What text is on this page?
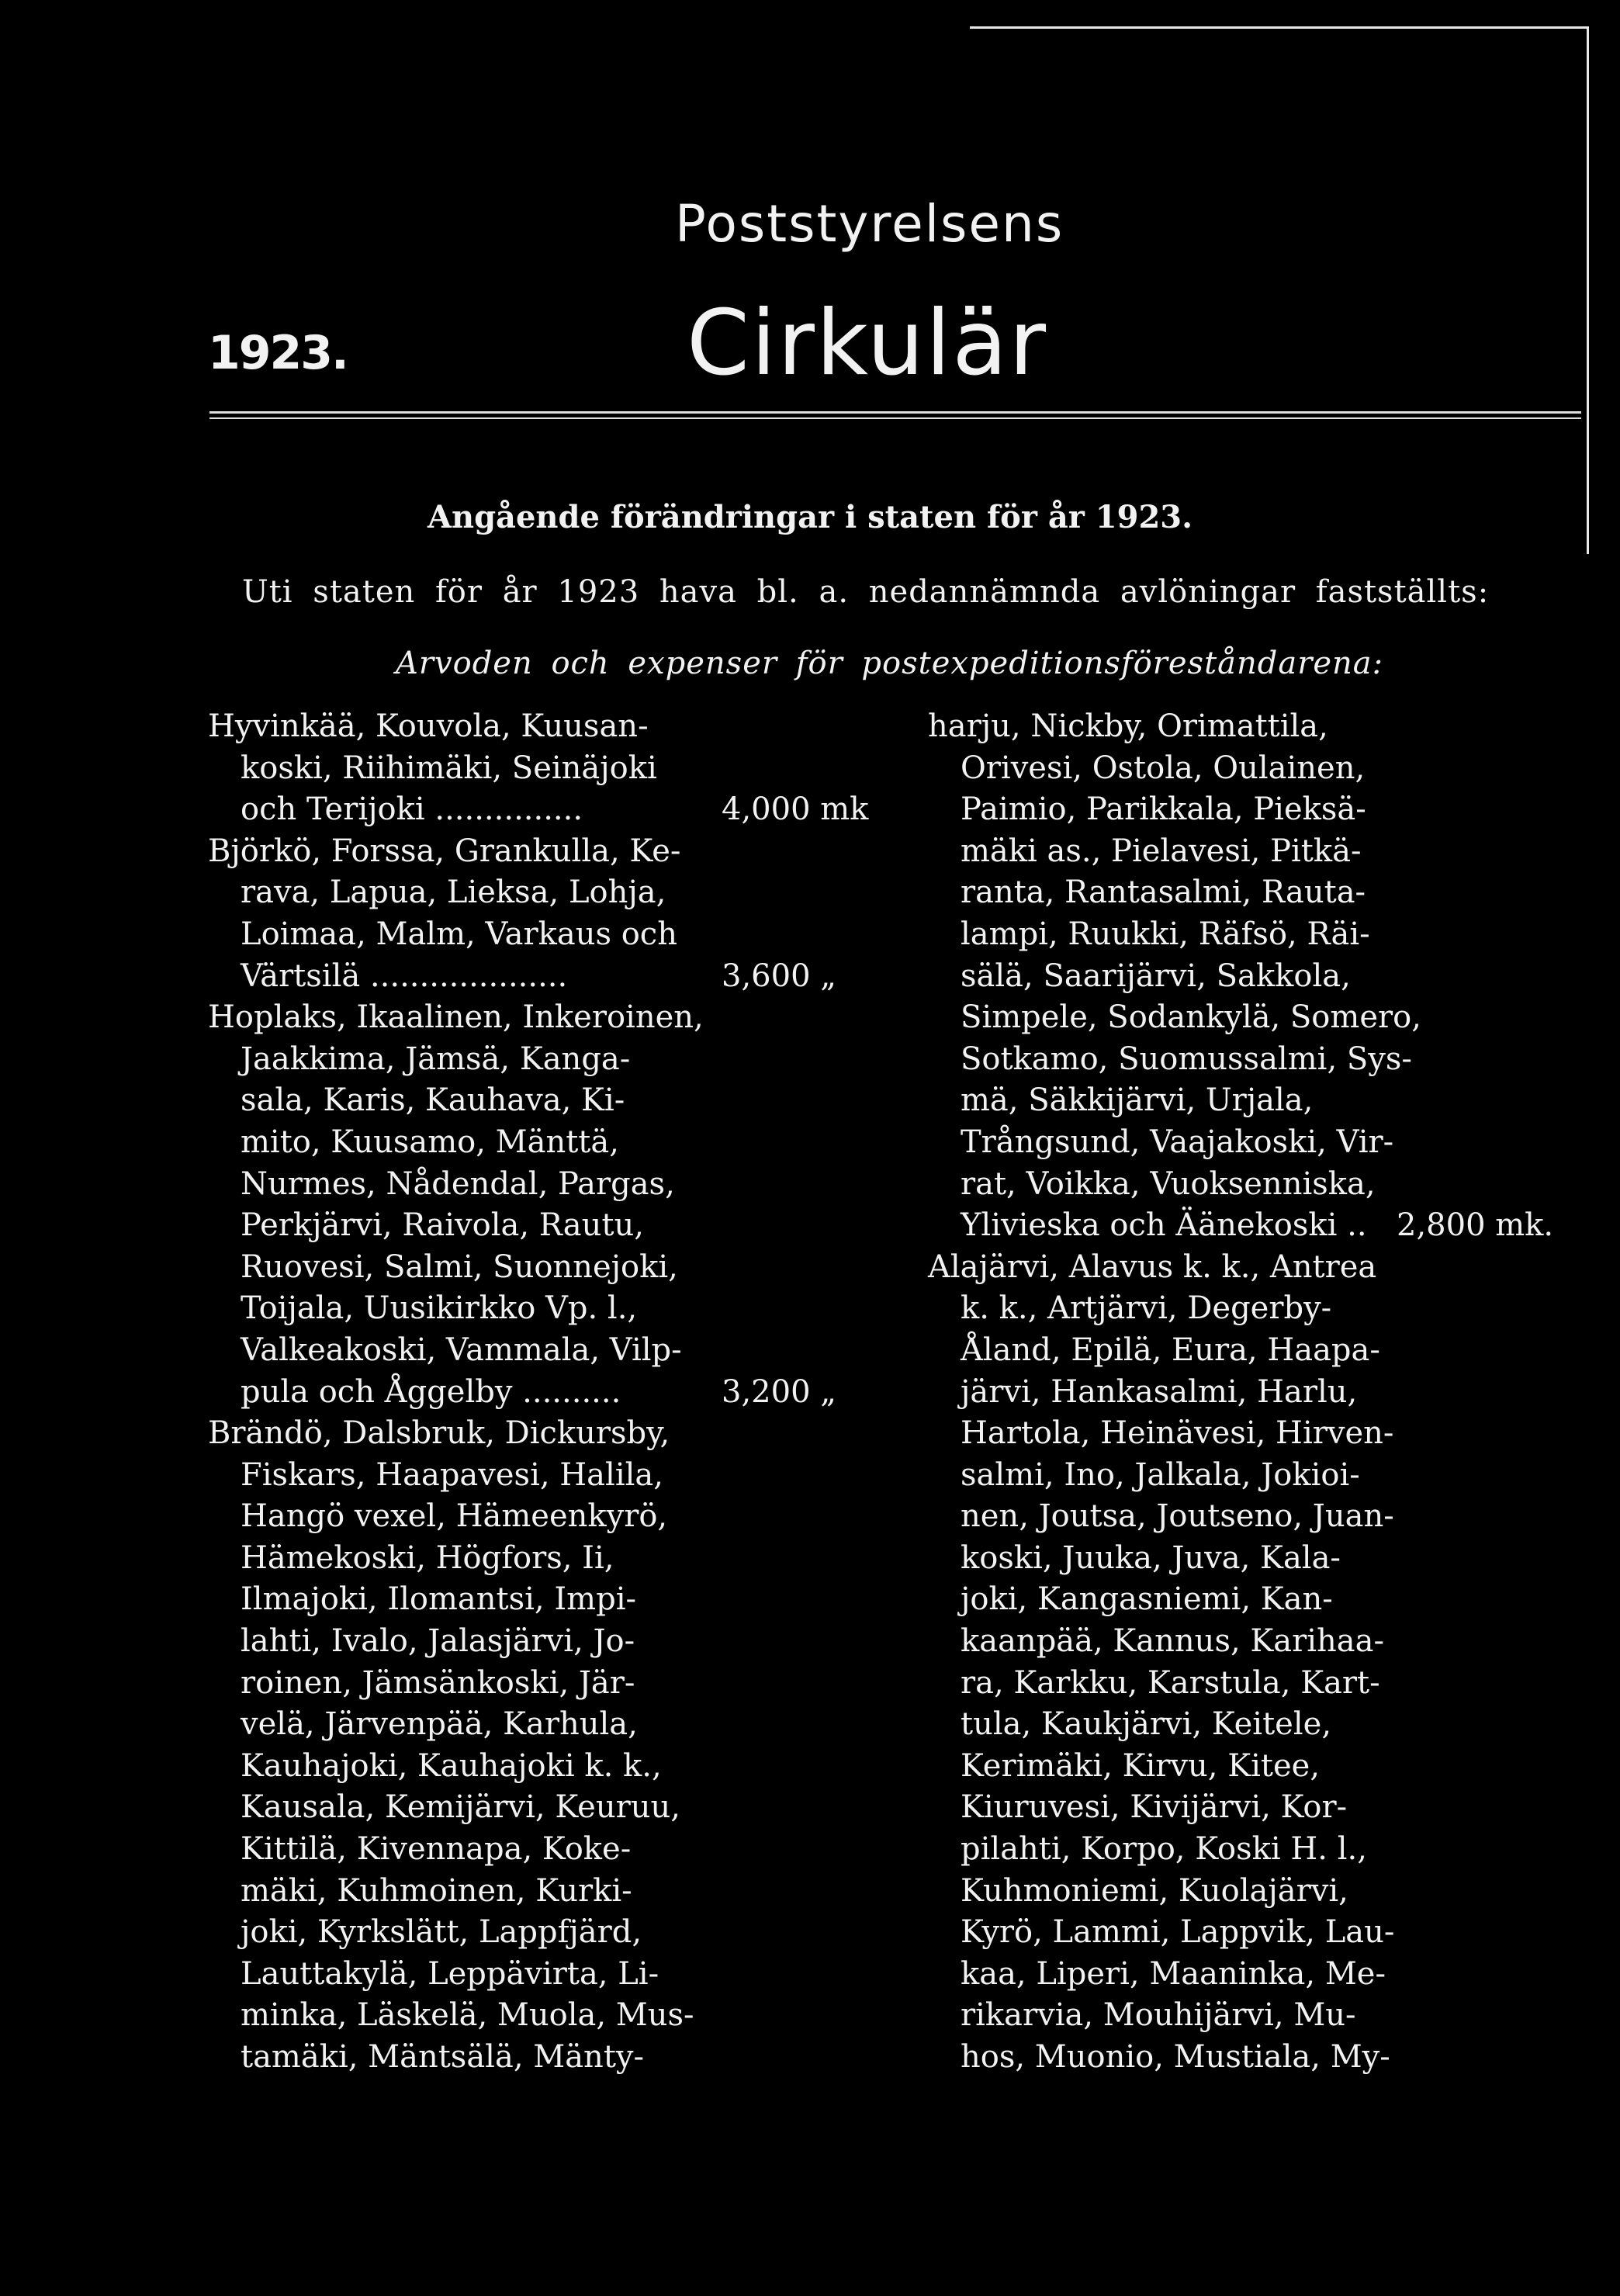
Poststyrelsens
1923.	Cirkulär
Angående förändringar i staten för år 1923.
Uti staten för år 1923 hava bl. a. nedannämnda avlöningar fastställts:
Arvoden och expenser för postexpeditionsföreståndarena:
Hyvinkää, Kouvola, Kuusan-
koski, Riihimäki, Seinäjoki
och Terijoki ...............
Björkö, Forssa, Grankulla, Ke-
rava, Lapua, Lieksa, Lohja,
Loimaa, Malm, Varkaus och
Värtsilä ....................
Hoplaks, Ikaalinen, Inkeroinen,
Jaakkima, Jämsä, Kanga-
sala, Karis, Kauhava, Ki-
mito, Kuusamo, Mänttä,
Nurmes, Nådendal, Pargas,
Perkjärvi, Raivola, Rautu,
Ruovesi, Salmi, Suonnejoki,
Toijala, Uusikirkko Vp. l.,
Valkeakoski, Vammala, Vilp-
pula och Åggelby ..........
Brändö, Dalsbruk, Dickursby,
Fiskars, Haapavesi, Halila,
Hangö vexel, Hämeenkyrö,
Hämekoski, Högfors, Ii,
Ilmajoki, Ilomantsi, Impi-
lahti, Ivalo, Jalasjärvi, Jo-
roinen, Jämsänkoski, Jär-
velä, Järvenpää, Karhula,
Kauhajoki, Kauhajoki k. k.,
Kausala, Kemijärvi, Keuruu,
Kittilä, Kivennapa, Koke-
mäki, Kuhmoinen, Kurki-
joki, Kyrkslätt, Lappfjärd,
Lauttakylä, Leppävirta, Li-
minka, Läskelä, Muola, Mus-
tamäki, Mäntsälä, Mänty-
4,000 mk
3,600 „
3,200 „
harju, Nickby, Orimattila,
Orivesi, Ostola, Oulainen,
Paimio, Parikkala, Pieksä-
mäki as., Pielavesi, Pitkä-
ranta, Rantasalmi, Rauta-
lampi, Ruukki, Räfsö, Räi-
sälä, Saarijärvi, Sakkola,
Simpele, Sodankylä, Somero,
Sotkamo, Suomussalmi, Sys-
mä, Säkkijärvi, Urjala,
Trångsund, Vaajakoski, Vir-
rat, Voikka, Vuoksenniska,
Ylivieska och Äänekoski ..
Alajärvi, Alavus k. k., Antrea
k. k., Artjärvi, Degerby-
Åland, Epilä, Eura, Haapa-
järvi, Hankasalmi, Harlu,
Hartola, Heinävesi, Hirven-
salmi, Ino, Jalkala, Jokioi-
nen, Joutsa, Joutseno, Juan-
koski, Juuka, Juva, Kala-
joki, Kangasniemi, Kan-
kaanpää, Kannus, Karihaa-
ra, Karkku, Karstula, Kart-
tula, Kaukjärvi, Keitele,
Kerimäki, Kirvu, Kitee,
Kiuruvesi, Kivijärvi, Kor-
pilahti, Korpo, Koski H. l.,
Kuhmoniemi, Kuolajärvi,
Kyrö, Lammi, Lappvik, Lau-
kaa, Liperi, Maaninka, Me-
rikarvia, Mouhijärvi, Mu-
hos, Muonio, Mustiala, My-
2,800 mk.
